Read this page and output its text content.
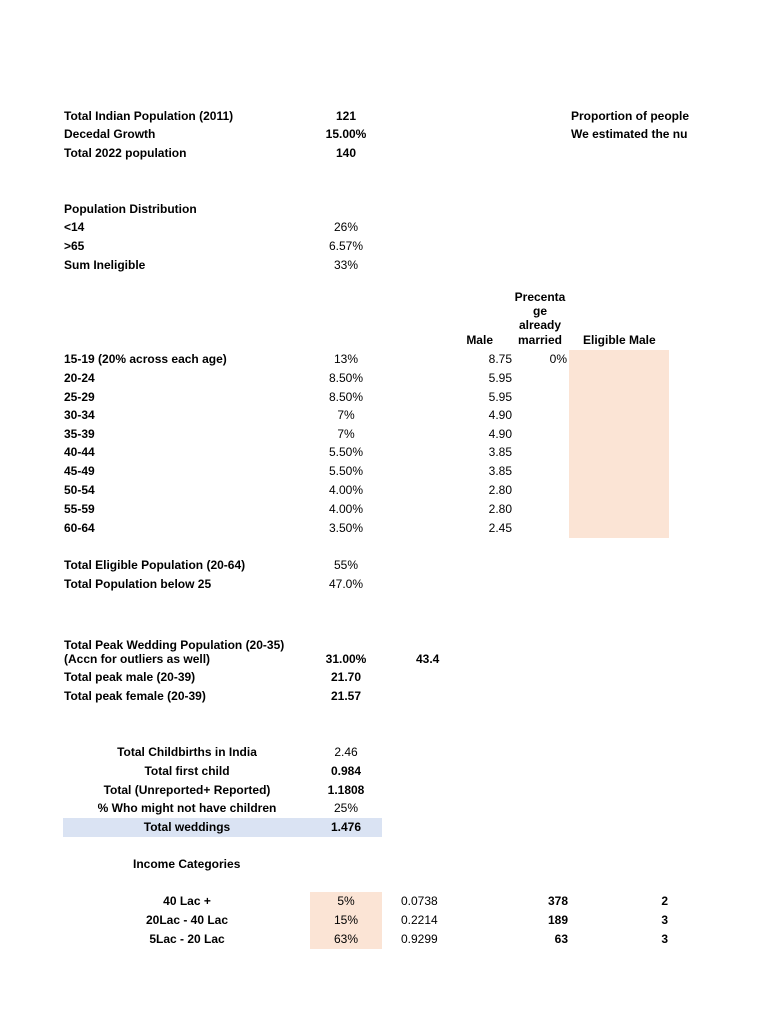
Total Indian Population (2011)	121	Proportion of people
Decedal Growth	15.00%	We estimated the nu
Total 2022 population	140
Population Distribution
<14	26%
>65	6.57%
Sum Ineligible	33%
Male
Precenta
ge
already
married	Eligible Male
15-19 (20% across each age)	13%	8.75	0%
20-24	8.50%	5.95
25-29	8.50%	5.95
30-34	7%	4.90
35-39	7%	4.90
40-44	5.50%	3.85
45-49	5.50%	3.85
50-54	4.00%	2.80
55-59	4.00%	2.80
60-64	3.50%	2.45
Total Eligible Population (20-64)	55%
Total Population below 25	47.0%
Total Peak Wedding Population (20-35)
(Accn for outliers as well)	31.00%	43.4
Total peak male (20-39)	21.70
Total peak female (20-39)	21.57
Total Childbirths in India	2.46
Total first child	0.984
Total (Unreported+ Reported)	1.1808
% Who might not have children	25%
Total weddings	1.476
Income Categories
40 Lac +	5%	0.0738	378	2
20Lac - 40 Lac	15%	0.2214	189	3
5Lac - 20 Lac	63%	0.9299	63	3
